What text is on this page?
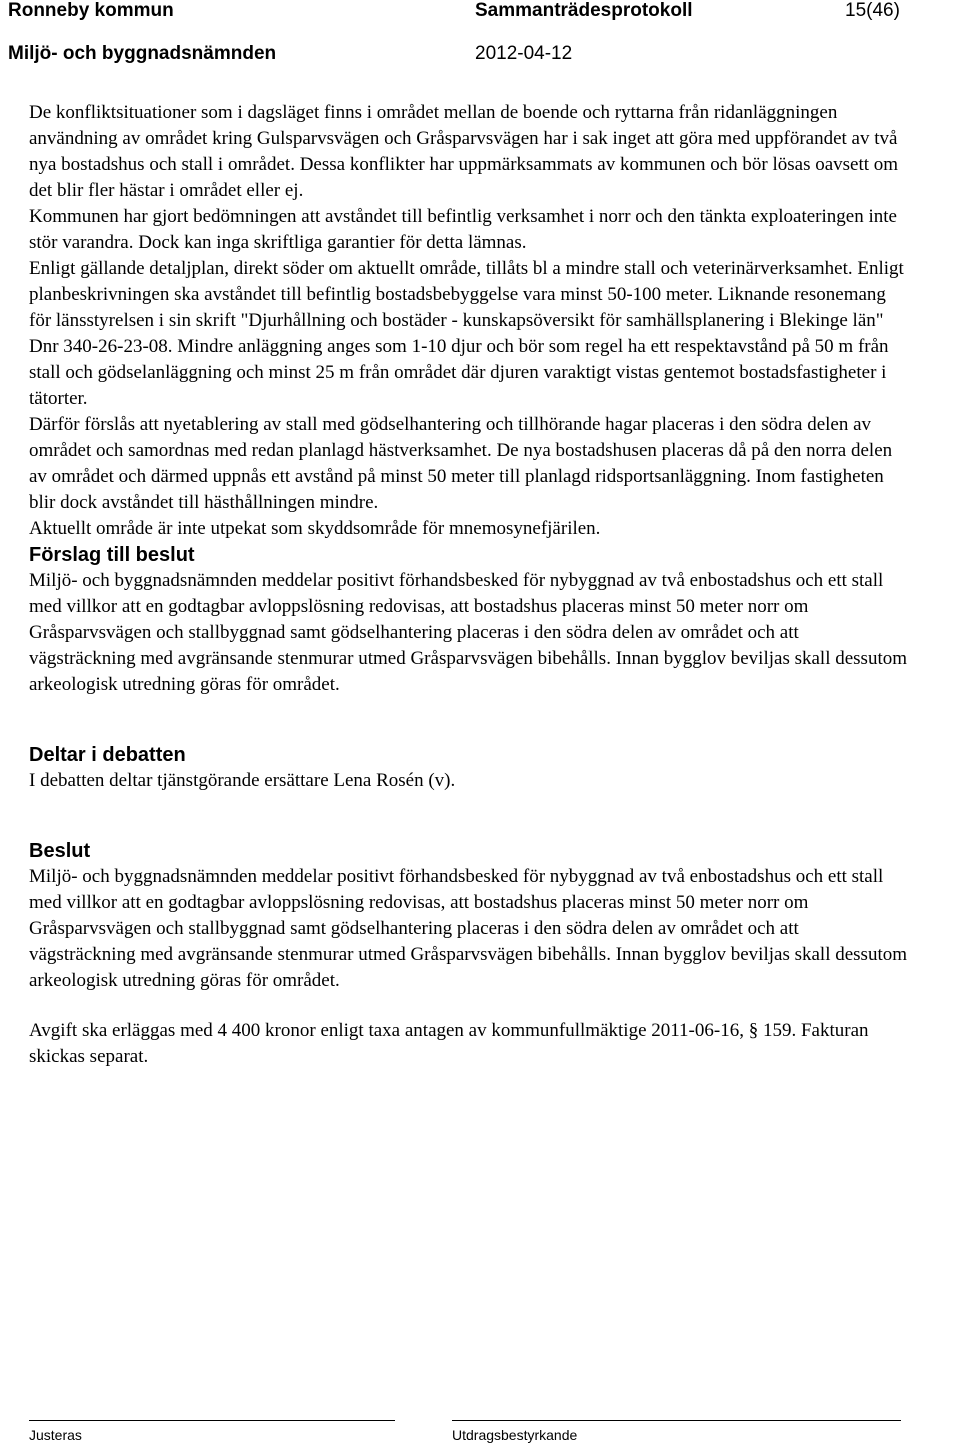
Ronneby kommun	Sammanträdesprotokoll	15(46)
Miljö- och byggnadsnämnden	2012-04-12

De konfliktsituationer som i dagsläget finns i området mellan de boende och ryttarna från ridanläggningen användning av området kring Gulsparvsvägen och Gråsparvsvägen har i sak inget att göra med uppförandet av två nya bostadshus och stall i området. Dessa konflikter har uppmärksammats av kommunen och bör lösas oavsett om det blir fler hästar i området eller ej.

Kommunen har gjort bedömningen att avståndet till befintlig verksamhet i norr och den tänkta exploateringen inte stör varandra. Dock kan inga skriftliga garantier för detta lämnas.

Enligt gällande detaljplan, direkt söder om aktuellt område, tillåts bl a mindre stall och veterinärverksamhet. Enligt planbeskrivningen ska avståndet till befintlig bostadsbebyggelse vara minst 50-100 meter. Liknande resonemang för länsstyrelsen i sin skrift "Djurhållning och bostäder - kunskapsöversikt för samhällsplanering i Blekinge län" Dnr 340-26-23-08. Mindre anläggning anges som 1-10 djur och bör som regel ha ett respektavstånd på 50 m från stall och gödselanläggning och minst 25 m från området där djuren varaktigt vistas gentemot bostadsfastigheter i tätorter.

Därför förslås att nyetablering av stall med gödselhantering och tillhörande hagar placeras i den södra delen av området och samordnas med redan planlagd hästverksamhet. De nya bostadshusen placeras då på den norra delen av området och därmed uppnås ett avstånd på minst 50 meter till planlagd ridsportsanläggning. Inom fastigheten blir dock avståndet till hästhållningen mindre.

Aktuellt område är inte utpekat som skyddsområde för mnemosynefjärilen.

Förslag till beslut

Miljö- och byggnadsnämnden meddelar positivt förhandsbesked för nybyggnad av två enbostadshus och ett stall med villkor att en godtagbar avloppslösning redovisas, att bostadshus placeras minst 50 meter norr om Gråsparvsvägen och stallbyggnad samt gödselhantering placeras i den södra delen av området och att vägsträckning med avgränsande stenmurar utmed Gråsparvsvägen bibehålls. Innan bygglov beviljas skall dessutom arkeologisk utredning göras för området.

Deltar i debatten

I debatten deltar tjänstgörande ersättare Lena Rosén (v).

Beslut

Miljö- och byggnadsnämnden meddelar positivt förhandsbesked för nybyggnad av två enbostadshus och ett stall med villkor att en godtagbar avloppslösning redovisas, att bostadshus placeras minst 50 meter norr om Gråsparvsvägen och stallbyggnad samt gödselhantering placeras i den södra delen av området och att vägsträckning med avgränsande stenmurar utmed Gråsparvsvägen bibehålls. Innan bygglov beviljas skall dessutom arkeologisk utredning göras för området.

Avgift ska erläggas med 4 400 kronor enligt taxa antagen av kommunfullmäktige 2011-06-16, § 159. Fakturan skickas separat.

Justeras	Utdragsbestyrkande
